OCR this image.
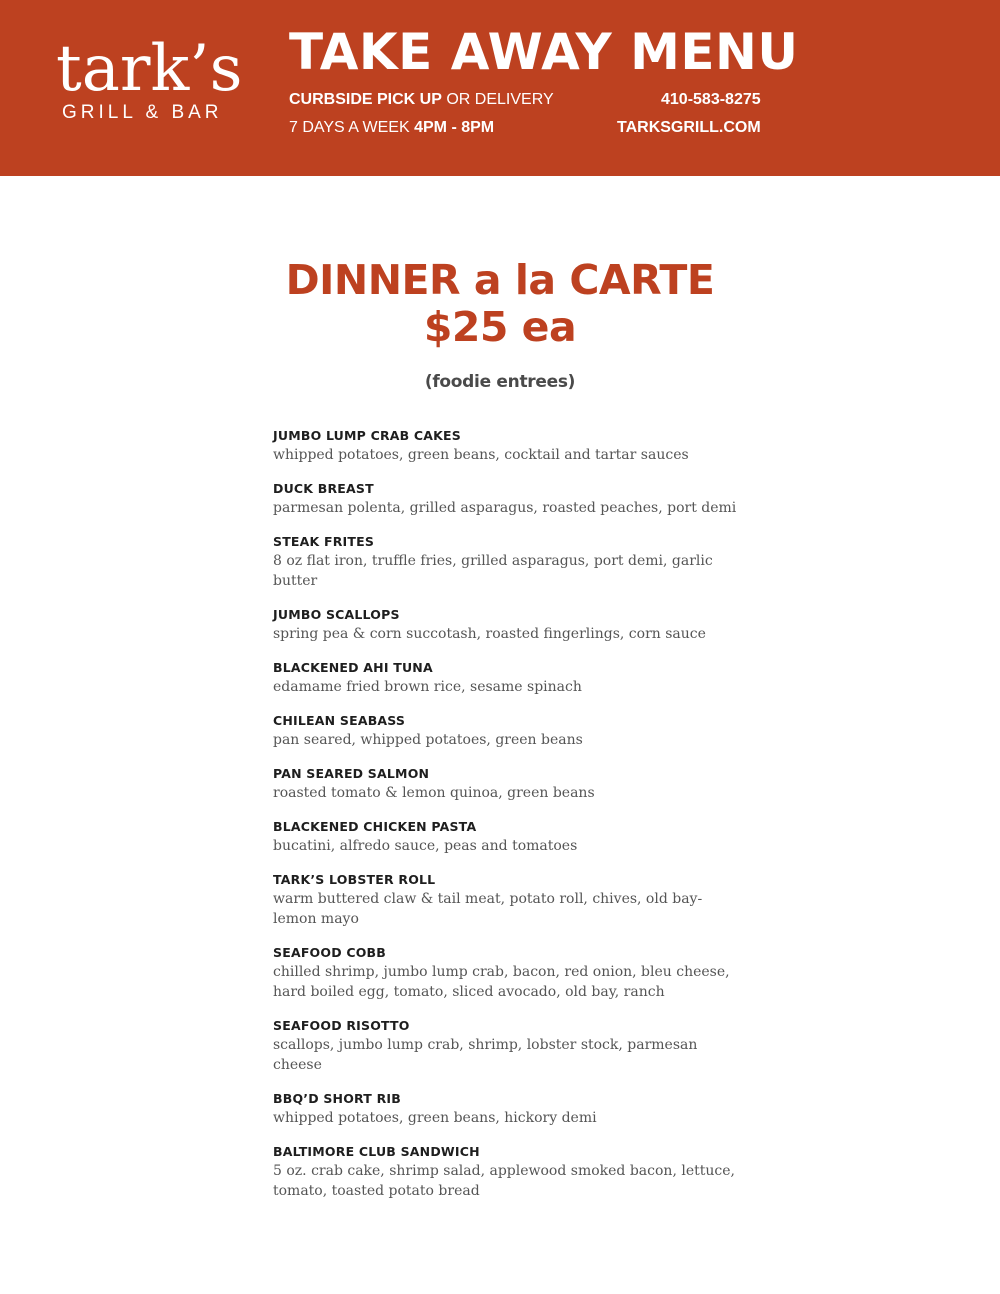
tark’s
GRILL & BAR
TAKE AWAY MENU
CURBSIDE PICK UP OR DELIVERY
7 DAYS A WEEK 4PM - 8PM
410-583-8275
TARKSGRILL.COM
DINNER a la CARTE
$25 ea
(foodie entrees)
JUMBO LUMP CRAB CAKES
whipped potatoes, green beans, cocktail and tartar sauces
DUCK BREAST
parmesan polenta, grilled asparagus, roasted peaches, port demi
STEAK FRITES
8 oz flat iron, truffle fries, grilled asparagus, port demi, garlic butter
JUMBO SCALLOPS
spring pea & corn succotash, roasted fingerlings, corn sauce
BLACKENED AHI TUNA
edamame fried brown rice, sesame spinach
CHILEAN SEABASS
pan seared, whipped potatoes, green beans
PAN SEARED SALMON
roasted tomato & lemon quinoa, green beans
BLACKENED CHICKEN PASTA
bucatini, alfredo sauce, peas and tomatoes
TARK’S LOBSTER ROLL
warm buttered claw & tail meat, potato roll, chives, old bay-lemon mayo
SEAFOOD COBB
chilled shrimp, jumbo lump crab, bacon, red onion, bleu cheese, hard boiled egg, tomato, sliced avocado, old bay, ranch
SEAFOOD RISOTTO
scallops, jumbo lump crab, shrimp, lobster stock, parmesan cheese
BBQ’D SHORT RIB
whipped potatoes, green beans, hickory demi
BALTIMORE CLUB SANDWICH
5 oz. crab cake, shrimp salad, applewood smoked bacon, lettuce, tomato, toasted potato bread
